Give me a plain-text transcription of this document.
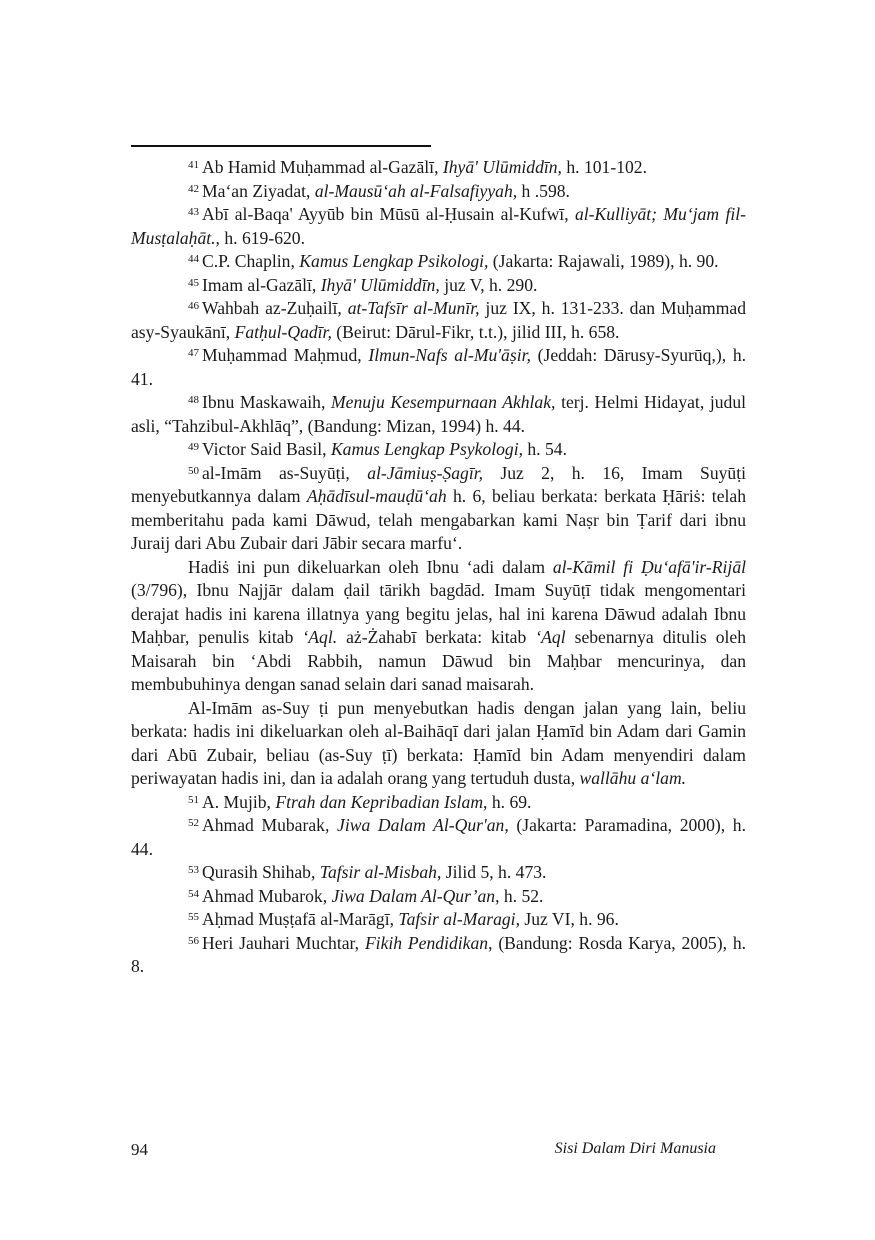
$^{41}$ Ab Hamid Muḥammad al-Gazālī, Ihyā' Ulūmiddīn, h. 101-102.

$^{42}$ Ma‘an Ziyadat, al-Mausū‘ah al-Falsafiyyah, h .598.

$^{43}$ Abī al-Baqa' Ayyūb bin Mūsū al-Ḥusain al-Kufwī, al-Kulliyāt; Mu‘jam fil-Musṭalaḥāt., h. 619-620.

$^{44}$ C.P. Chaplin, Kamus Lengkap Psikologi, (Jakarta: Rajawali, 1989), h. 90.

$^{45}$ Imam al-Gazālī, Ihyā' Ulūmiddīn, juz V, h. 290.

$^{46}$ Wahbah az-Zuḥailī, at-Tafsīr al-Munīr, juz IX, h. 131-233. dan Muḥammad asy-Syaukānī, Fatḥul-Qadīr, (Beirut: Dārul-Fikr, t.t.), jilid III, h. 658.

$^{47}$ Muḥammad Maḥmud, Ilmun-Nafs al-Mu'āṣir, (Jeddah: Dārusy-Syurūq,), h. 41.

$^{48}$ Ibnu Maskawaih, Menuju Kesempurnaan Akhlak, terj. Helmi Hidayat, judul asli, “Tahzibul-Akhlāq”, (Bandung: Mizan, 1994) h. 44.

$^{49}$ Victor Said Basil, Kamus Lengkap Psykologi, h. 54.

$^{50}$ al-Imām as-Suyūṭi, al-Jāmiuṣ-Ṣagīr, Juz 2, h. 16, Imam Suyūṭi menyebutkannya dalam Aḥādīsul-mauḍū‘ah h. 6, beliau berkata: berkata Ḥāriṡ: telah memberitahu pada kami Dāwud, telah mengabarkan kami Naṣr bin Ṭarif dari ibnu Juraij dari Abu Zubair dari Jābir secara marfu‘.

Hadiṡ ini pun dikeluarkan oleh Ibnu ‘adi dalam al-Kāmil fi Ḍu‘afā'ir-Rijāl (3/796), Ibnu Najjār dalam ḍail tārikh bagdād. Imam Suyūṭī tidak mengomentari derajat hadis ini karena illatnya yang begitu jelas, hal ini karena Dāwud adalah Ibnu Maḥbar, penulis kitab ‘Aql. aż-Żahabī berkata: kitab ‘Aql sebenarnya ditulis oleh Maisarah bin ‘Abdi Rabbih, namun Dāwud bin Maḥbar mencurinya, dan membubuhinya dengan sanad selain dari sanad maisarah.

Al-Imām as-Suy ṭi pun menyebutkan hadis dengan jalan yang lain, beliu berkata: hadis ini dikeluarkan oleh al-Baihāqī dari jalan Ḥamīd bin Adam dari Gamin dari Abū Zubair, beliau (as-Suy ṭī) berkata: Ḥamīd bin Adam menyendiri dalam periwayatan hadis ini, dan ia adalah orang yang tertuduh dusta, wallāhu a‘lam.

$^{51}$ A. Mujib, Ftrah dan Kepribadian Islam, h. 69.

$^{52}$ Ahmad Mubarak, Jiwa Dalam Al-Qur'an, (Jakarta: Paramadina, 2000), h. 44.

$^{53}$ Qurasih Shihab, Tafsir al-Misbah, Jilid 5, h. 473.

$^{54}$ Ahmad Mubarok, Jiwa Dalam Al-Qur’an, h. 52.

$^{55}$ Aḥmad Muṣṭafā al-Marāgī, Tafsir al-Maragi, Juz VI, h. 96.

$^{56}$ Heri Jauhari Muchtar, Fikih Pendidikan, (Bandung: Rosda Karya, 2005), h. 8.

94	Sisi Dalam Diri Manusia
